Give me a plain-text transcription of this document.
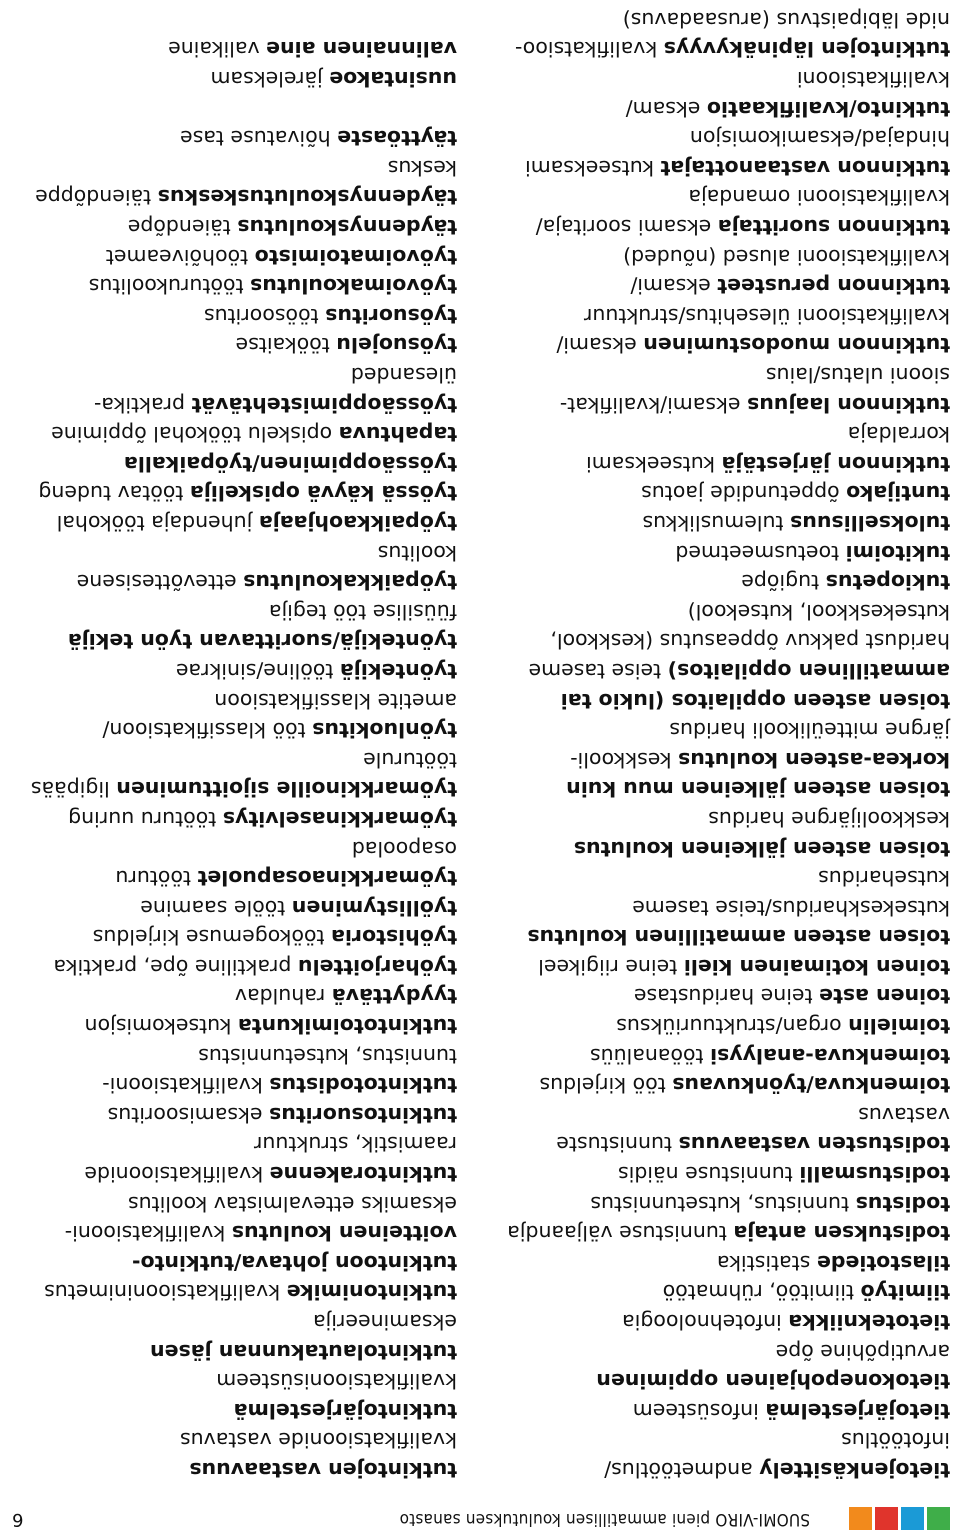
SUOMI-VIRO pieni ammatillisen koulutuksen sanasto
6
tietojenkäsittely andmetöötlus/
infotöötlus
tietojärjestelmä infosüsteem
tietokonepohjainen oppiminen
arvutipõhine õpe
tietotekniikka infotehnoloogia
tiimityö tiimitöö, rühmatöö
tilastotiede statistika
todistuksen antaja tunnistuse väljaandja
todistus tunnistus, kutsetunnistus
todistusmalli tunnistuse näidis
todistusten vastaavuus tunnistuste
vastavus
toimenkuva/työnkuvaus töö kirjeldus
toimenkuva-analyysi tööanalüüs
toimielin organ/struktuuriüksus
toinen aste teine haridustase
toinen kotimainen kieli teine riigikeel
toisen asteen ammatillinen koulutus
kutsekeskharidus/teise taseme
kutseharidus
toisen asteen jälkeinen koulutus
keskkoolijärgne haridus
toisen asteen jälkeinen muu kuin
korkea-asteen koulutus keskkooli-
järgne mitteülikooli haridus
toisen asteen oppilaitos (lukio tai
ammatillinen oppilaitos) teise taseme
haridust pakkuv õppeasutus (keskkool,
kutsekeskkool, kutsekool)
tukiopetus tugiõpe
tukitoimi toetusmeetmed
tuloksellisuus tulemuslikkus
tuntijako õppetundide jaotus
tutkinnon järjestäjä kutseeksami
korraldaja
tutkinnon laajuus eksami/kvalifikat-
siooni ulatus/laius
tutkinnon muodostuminen eksami/
kvalifikatsiooni ülesehitus/struktuur
tutkinnon perusteet eksami/
kvalifikatsiooni alused (nõuded)
tutkinnon suorittaja eksami sooritaja/
kvalifikatsiooni omandaja
tutkinnon vastaanottajat kutseeksami
hindajad/eksamikomisjon
tutkinto/kvalifikaatio eksam/
kvalifikatsiooni
tutkintojen läpinäkyvyys kvalifikatsioo-
nide läbipaistvus (arusaadavus)
tutkintojen vastaavuus
kvalifikatsioonide vastavus
tutkintojärjestelmä
kvalifikatsioonisüsteem
tutkintolautakunnan jäsen
eksamineerija
tutkintonimike kvalifikatsiooninimetus
tutkintoon johtava/tutkinto-
voitteinen koulutus kvalifikatsiooni-
eksamiks ettevalmistav koolitus
tutkintorakenne kvalifikatsioonide
raamistik, struktuur
tutkintosuoritus eksamisooritus
tutkintotodistus kvalifikatsiooni-
tunnistus, kutsetunnistus
tutkintotoimikunta kutsekomisjon
tyydyttävä rahuldav
työharjoittelu praktiline õpe, praktika
työhistoria töökogemuse kirjeldus
työllistyminen tööle saamine
työmarkkinaosapuolet tööturu
osapoolad
työmarkkinaselvitys tööturu uuring
työmarkkinoille sijoittuminen ligipääs
tööturule
työnluokitus töö klassifikatsioon/
ametite klassifikatsioon
työntekijä tööline/sinikrae
työntekijä/suorittavan työn tekijä
füüsilise töö tegija
työpaikkakoulutus ettevõttesisene
koolitus
työpaikkaohjaaja juhendaja töökohal
työssä käyvä opiskelija töötav tudeng
työssäoppiminen/työpaikalla
tapahtuva opiskelu töökohal õppimine
työssäoppimistehtävät praktika-
ülesanded
työsuojelu töökaitse
työsuoritus töösooritus
työvoimakoulutus tööturukoolitus
työvoimatoimisto töohõiveamet
täydennyskoulutus täiendõpe
täydennyskoulutuskeskus täiendõppe
keskus
täyttöaste hõivatuse tase
uusintakoe järeleksam
valinnainen aine valikaine
